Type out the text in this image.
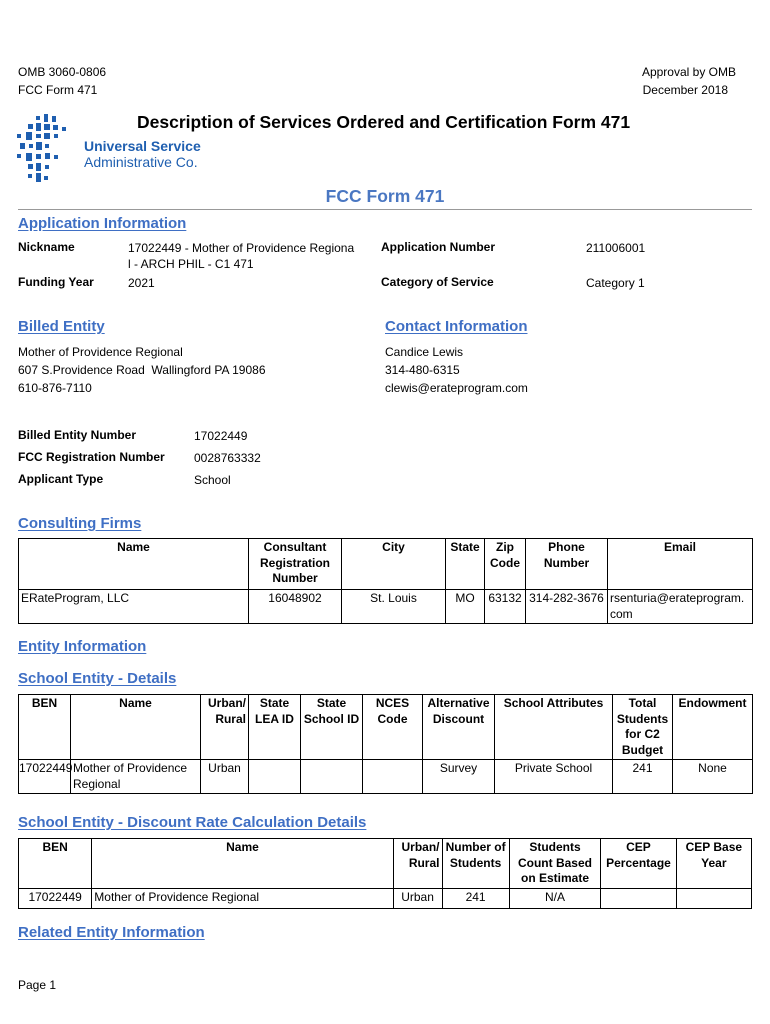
OMB 3060-0806
FCC Form 471
Approval by OMB
December 2018
Universal Service
Administrative Co.
Description of Services Ordered and Certification Form 471
FCC Form 471
Application Information
Nickname	17022449 - Mother of Providence Regiona
l - ARCH PHIL - C1 471
Application Number	211006001
Funding Year	2021	Category of Service	Category 1
Billed Entity
Mother of Providence Regional
607 S.Providence Road  Wallingford PA 19086
610-876-7110
Contact Information
Candice Lewis
314-480-6315
clewis@erateprogram.com
Billed Entity Number	17022449
FCC Registration Number 0028763332
Applicant Type	School
Consulting Firms
Name	Consultant Registration Number	City	State	Zip Code	Phone Number	Email
ERateProgram, LLC	16048902	St. Louis	MO	63132	314-282-3676	rsenturia@erateprogram.com
Entity Information
School Entity - Details
BEN	Name	Urban/ Rural	State LEA ID	State School ID	NCES Code	Alternative Discount	School Attributes	Total Students for C2 Budget	Endowment
17022449	Mother of Providence Regional	Urban				Survey	Private School	241	None
School Entity - Discount Rate Calculation Details
BEN	Name	Urban/ Rural	Number of Students	Students Count Based on Estimate	CEP Percentage	CEP Base Year
17022449	Mother of Providence Regional	Urban	241	N/A		
Related Entity Information
Page 1
